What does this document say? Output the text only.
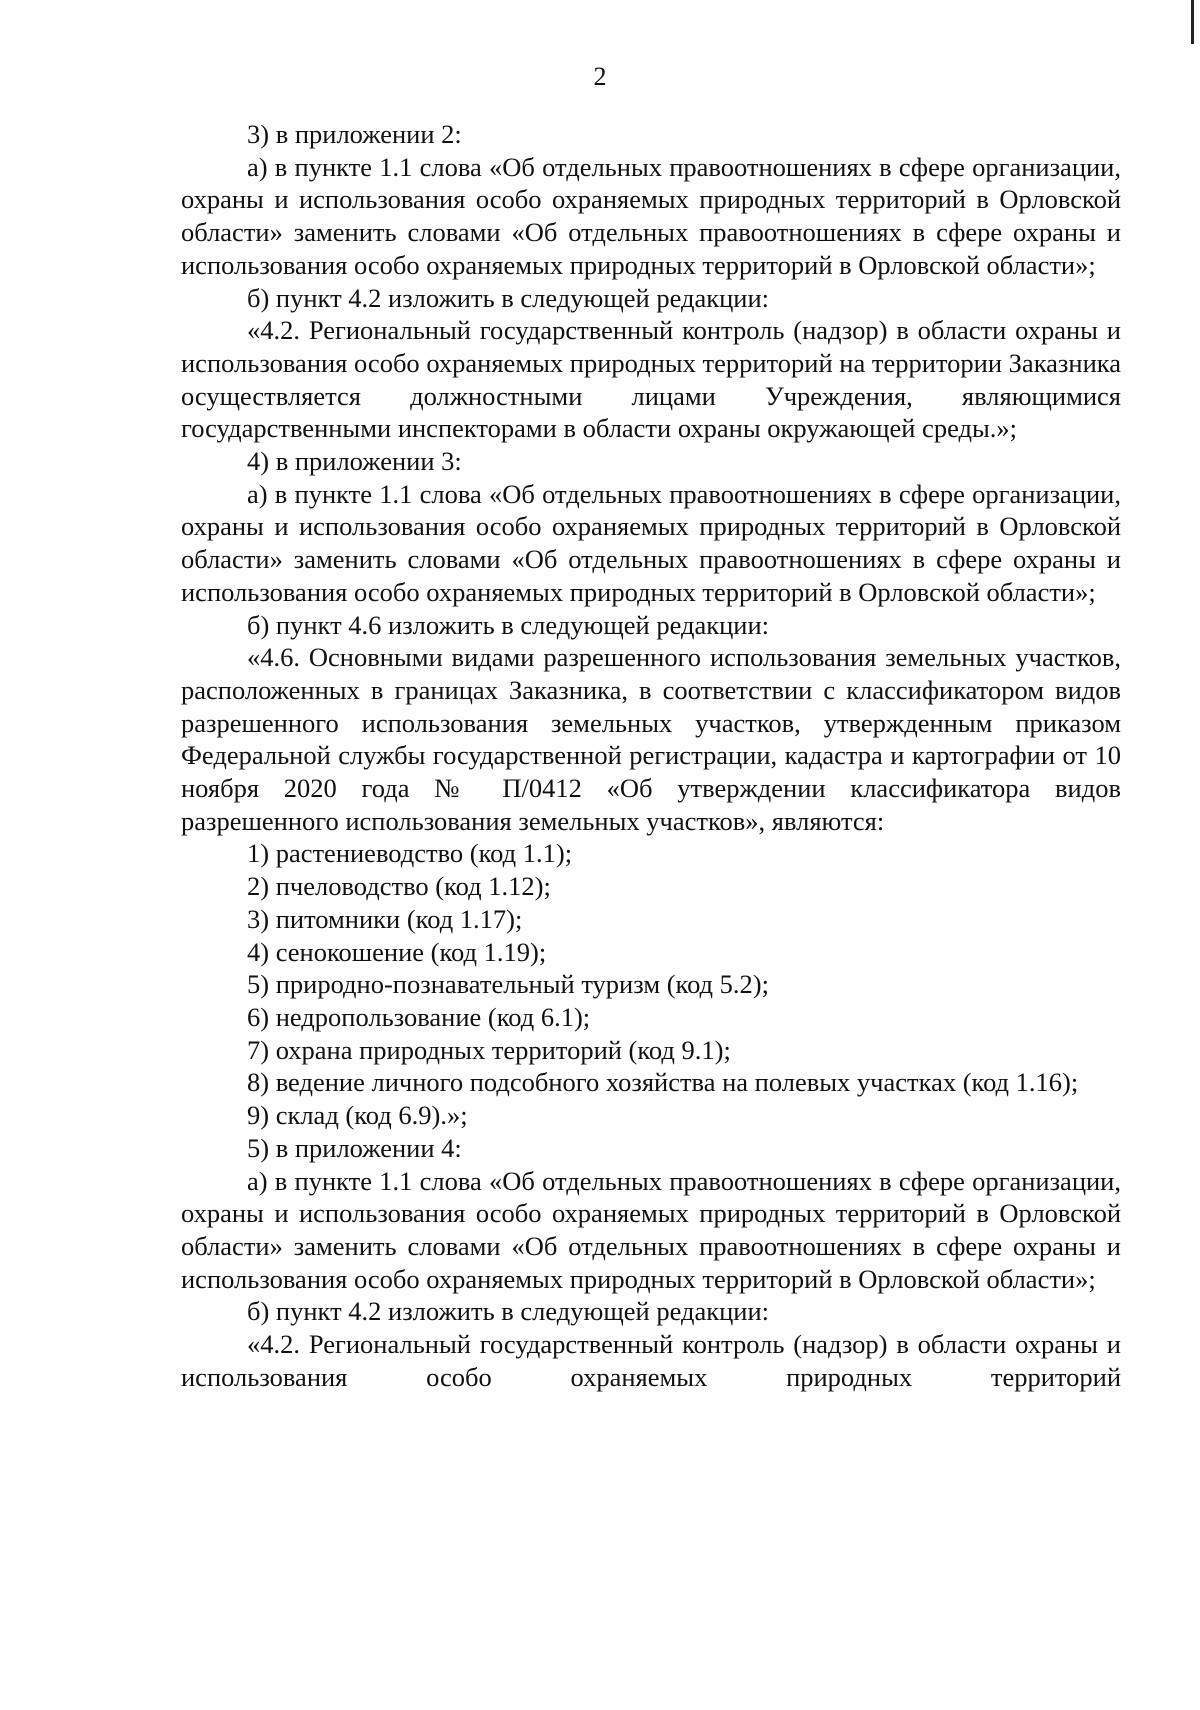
2

3) в приложении 2:

а) в пункте 1.1 слова «Об отдельных правоотношениях в сфере организации, охраны и использования особо охраняемых природных территорий в Орловской области» заменить словами «Об отдельных правоотношениях в сфере охраны и использования особо охраняемых природных территорий в Орловской области»;

б) пункт 4.2 изложить в следующей редакции:

«4.2. Региональный государственный контроль (надзор) в области охраны и использования особо охраняемых природных территорий на территории Заказника осуществляется должностными лицами Учреждения, являющимися государственными инспекторами в области охраны окружающей среды.»;

4) в приложении 3:

а) в пункте 1.1 слова «Об отдельных правоотношениях в сфере организации, охраны и использования особо охраняемых природных территорий в Орловской области» заменить словами «Об отдельных правоотношениях в сфере охраны и использования особо охраняемых природных территорий в Орловской области»;

б) пункт 4.6 изложить в следующей редакции:

«4.6. Основными видами разрешенного использования земельных участков, расположенных в границах Заказника, в соответствии с классификатором видов разрешенного использования земельных участков, утвержденным приказом Федеральной службы государственной регистрации, кадастра и картографии от 10 ноября 2020 года № П/0412 «Об утверждении классификатора видов разрешенного использования земельных участков», являются:

1) растениеводство (код 1.1);

2) пчеловодство (код 1.12);

3) питомники (код 1.17);

4) сенокошение (код 1.19);

5) природно-познавательный туризм (код 5.2);

6) недропользование (код 6.1);

7) охрана природных территорий (код 9.1);

8) ведение личного подсобного хозяйства на полевых участках (код 1.16);

9) склад (код 6.9).»;

5) в приложении 4:

а) в пункте 1.1 слова «Об отдельных правоотношениях в сфере организации, охраны и использования особо охраняемых природных территорий в Орловской области» заменить словами «Об отдельных правоотношениях в сфере охраны и использования особо охраняемых природных территорий в Орловской области»;

б) пункт 4.2 изложить в следующей редакции:

«4.2. Региональный государственный контроль (надзор) в области охраны и использования особо охраняемых природных территорий
